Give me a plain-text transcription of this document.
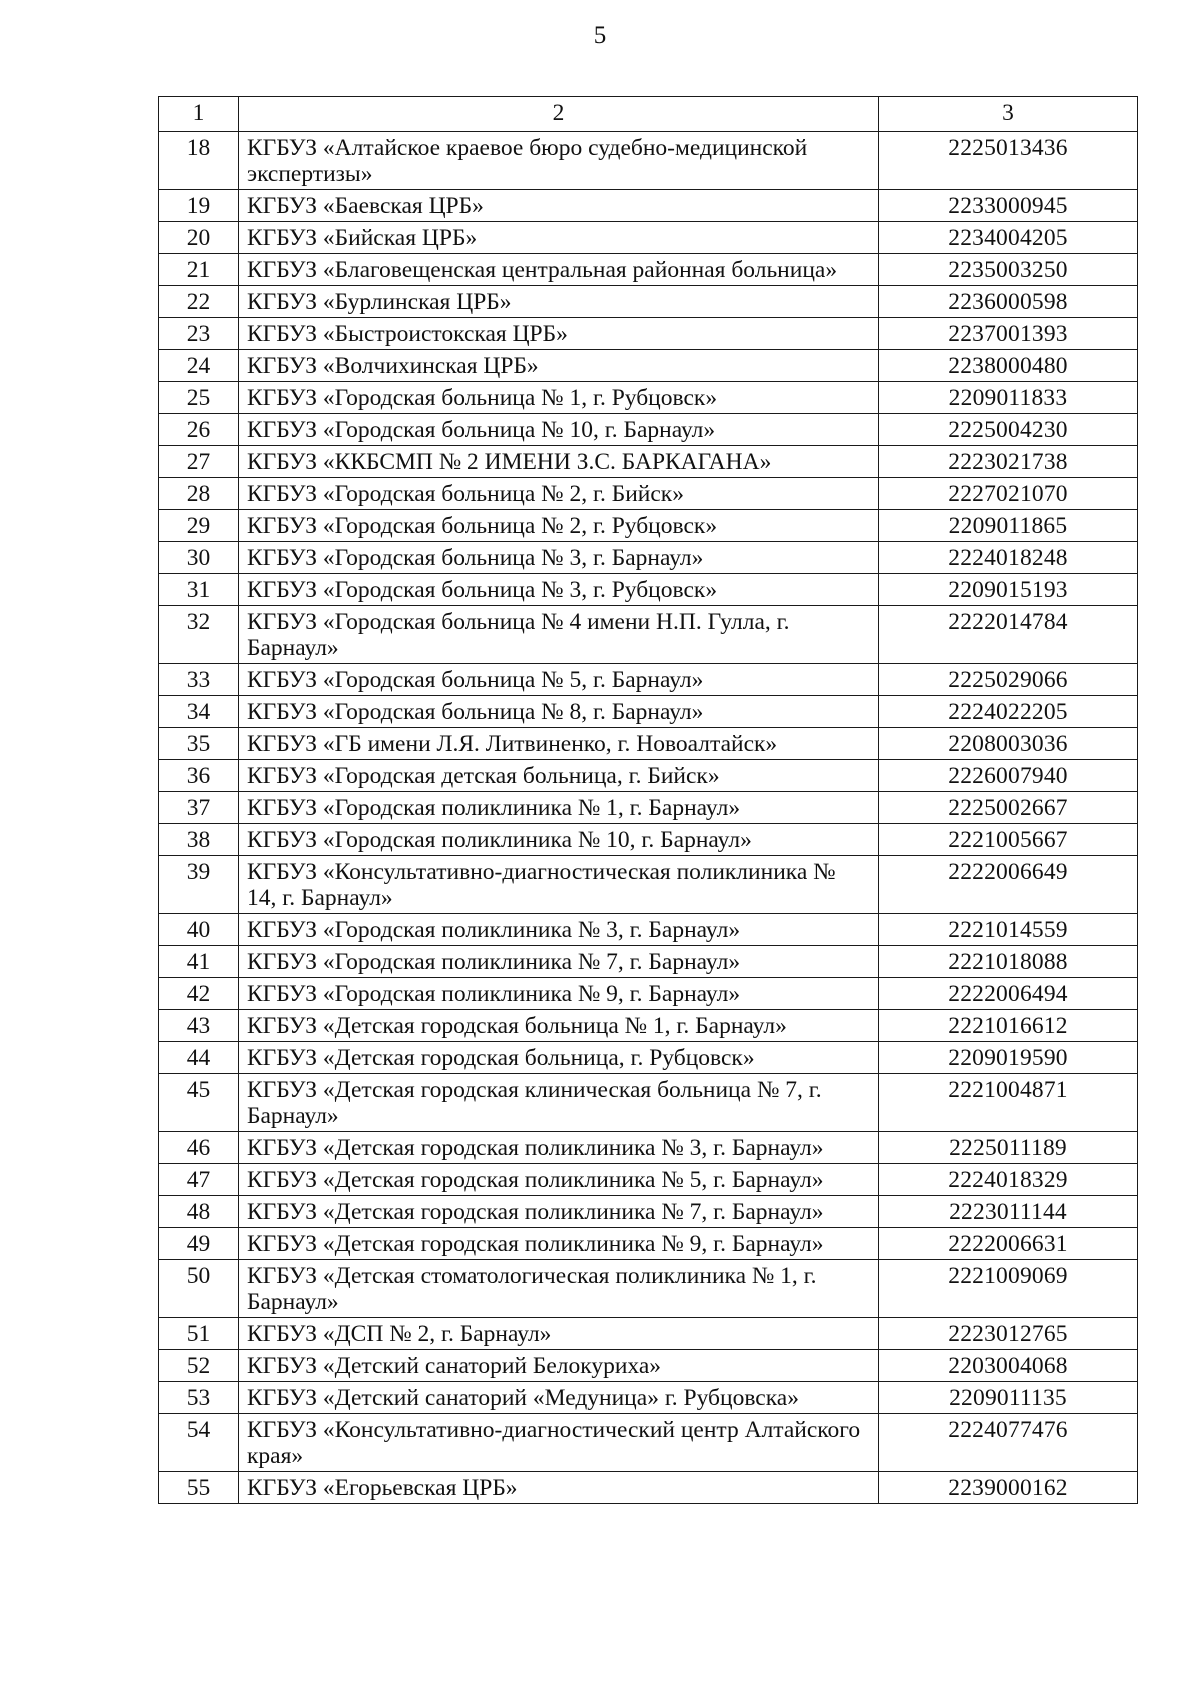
5
1	2	3
18	КГБУЗ «Алтайское краевое бюро судебно-медицинской экспертизы»	2225013436
19	КГБУЗ «Баевская ЦРБ»	2233000945
20	КГБУЗ «Бийская ЦРБ»	2234004205
21	КГБУЗ «Благовещенская центральная районная больница»	2235003250
22	КГБУЗ «Бурлинская ЦРБ»	2236000598
23	КГБУЗ «Быстроистокская ЦРБ»	2237001393
24	КГБУЗ «Волчихинская ЦРБ»	2238000480
25	КГБУЗ «Городская больница № 1, г. Рубцовск»	2209011833
26	КГБУЗ «Городская больница № 10, г. Барнаул»	2225004230
27	КГБУЗ «ККБСМП № 2 ИМЕНИ З.С. БАРКАГАНА»	2223021738
28	КГБУЗ «Городская больница № 2, г. Бийск»	2227021070
29	КГБУЗ «Городская больница № 2, г. Рубцовск»	2209011865
30	КГБУЗ «Городская больница № 3, г. Барнаул»	2224018248
31	КГБУЗ «Городская больница № 3, г. Рубцовск»	2209015193
32	КГБУЗ «Городская больница № 4 имени Н.П. Гулла, г. Барнаул»	2222014784
33	КГБУЗ «Городская больница № 5, г. Барнаул»	2225029066
34	КГБУЗ «Городская больница № 8, г. Барнаул»	2224022205
35	КГБУЗ «ГБ имени Л.Я. Литвиненко, г. Новоалтайск»	2208003036
36	КГБУЗ «Городская детская больница, г. Бийск»	2226007940
37	КГБУЗ «Городская поликлиника № 1, г. Барнаул»	2225002667
38	КГБУЗ «Городская поликлиника № 10, г. Барнаул»	2221005667
39	КГБУЗ «Консультативно-диагностическая поликлиника № 14, г. Барнаул»	2222006649
40	КГБУЗ «Городская поликлиника № 3, г. Барнаул»	2221014559
41	КГБУЗ «Городская поликлиника № 7, г. Барнаул»	2221018088
42	КГБУЗ «Городская поликлиника № 9, г. Барнаул»	2222006494
43	КГБУЗ «Детская городская больница № 1, г. Барнаул»	2221016612
44	КГБУЗ «Детская городская больница, г. Рубцовск»	2209019590
45	КГБУЗ «Детская городская клиническая больница № 7, г. Барнаул»	2221004871
46	КГБУЗ «Детская городская поликлиника № 3, г. Барнаул»	2225011189
47	КГБУЗ «Детская городская поликлиника № 5, г. Барнаул»	2224018329
48	КГБУЗ «Детская городская поликлиника № 7, г. Барнаул»	2223011144
49	КГБУЗ «Детская городская поликлиника № 9, г. Барнаул»	2222006631
50	КГБУЗ «Детская стоматологическая поликлиника № 1, г. Барнаул»	2221009069
51	КГБУЗ «ДСП № 2, г. Барнаул»	2223012765
52	КГБУЗ «Детский санаторий Белокуриха»	2203004068
53	КГБУЗ «Детский санаторий «Медуница» г. Рубцовска»	2209011135
54	КГБУЗ «Консультативно-диагностический центр Алтайского края»	2224077476
55	КГБУЗ «Егорьевская ЦРБ»	2239000162
